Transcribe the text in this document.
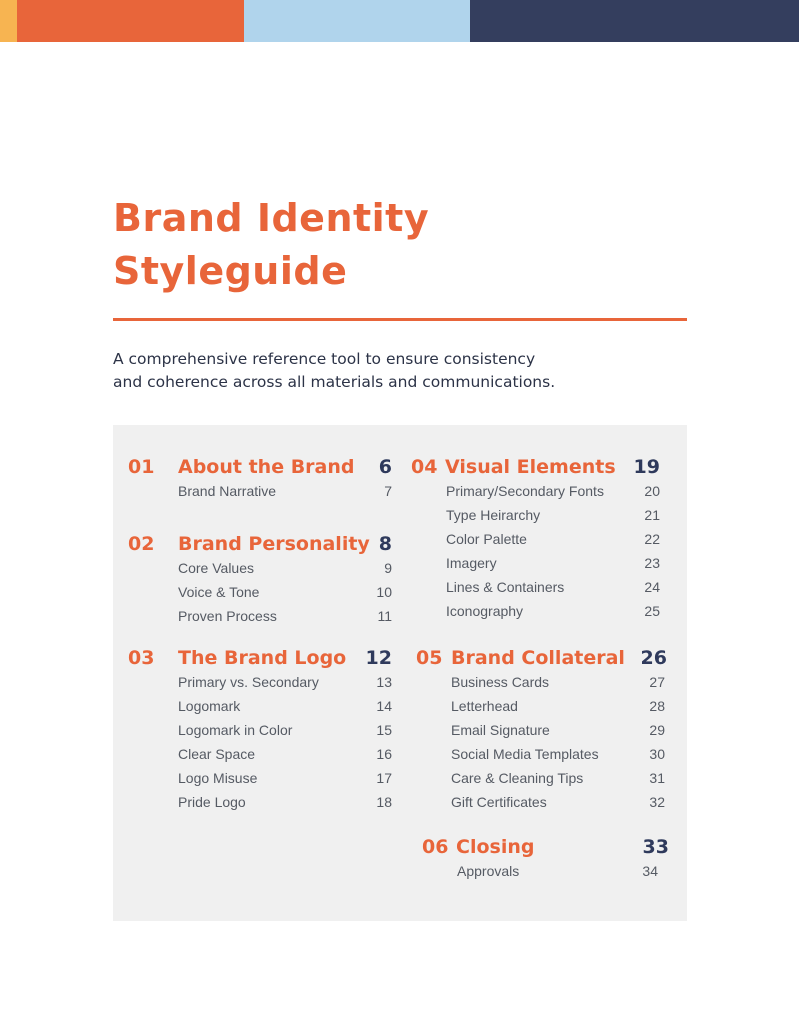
Brand Identity
Styleguide

A comprehensive reference tool to ensure consistency
and coherence across all materials and communications.

01 About the Brand	6
Brand Narrative	7
02 Brand Personality 8
Core Values	9
Voice & Tone	10
Proven Process	11
03 The Brand Logo	12
Primary vs. Secondary	13
Logomark	14
Logomark in Color	15
Clear Space	16
Logo Misuse	17
Pride Logo	18
04 Visual Elements 19
Primary/Secondary Fonts	20
Type Heirarchy	21
Color Palette	22
Imagery	23
Lines & Containers	24
Iconography	25
05 Brand Collateral 26
Business Cards	27
Letterhead	28
Email Signature	29
Social Media Templates	30
Care & Cleaning Tips	31
Gift Certificates	32
06 Closing	33
Approvals	34
